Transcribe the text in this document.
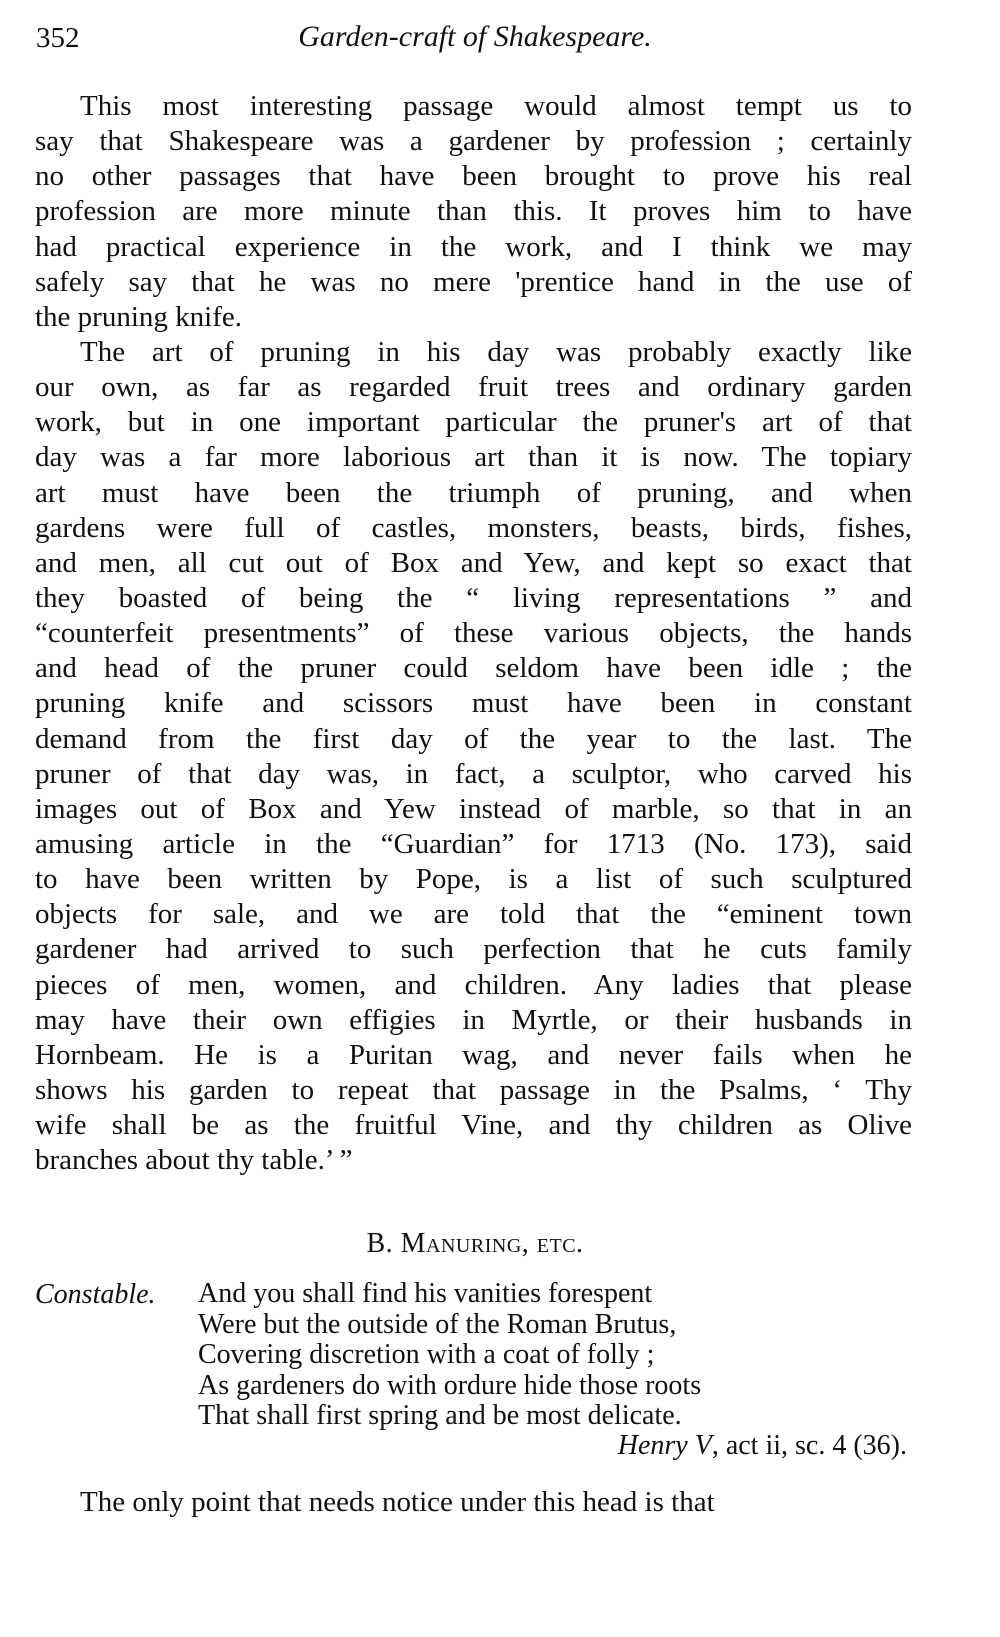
352	Garden-craft of Shakespeare.
This most interesting passage would almost tempt us to
say that Shakespeare was a gardener by profession ; certainly
no other passages that have been brought to prove his real
profession are more minute than this. It proves him to have
had practical experience in the work, and I think we may
safely say that he was no mere 'prentice hand in the use of
the pruning knife.
The art of pruning in his day was probably exactly like
our own, as far as regarded fruit trees and ordinary garden
work, but in one important particular the pruner's art of that
day was a far more laborious art than it is now. The topiary
art must have been the triumph of pruning, and when
gardens were full of castles, monsters, beasts, birds, fishes,
and men, all cut out of Box and Yew, and kept so exact that
they boasted of being the “ living representations ” and
“counterfeit presentments” of these various objects, the hands
and head of the pruner could seldom have been idle ; the
pruning knife and scissors must have been in constant
demand from the first day of the year to the last. The
pruner of that day was, in fact, a sculptor, who carved his
images out of Box and Yew instead of marble, so that in an
amusing article in the “Guardian” for 1713 (No. 173), said
to have been written by Pope, is a list of such sculptured
objects for sale, and we are told that the “eminent town
gardener had arrived to such perfection that he cuts family
pieces of men, women, and children. Any ladies that please
may have their own effigies in Myrtle, or their husbands in
Hornbeam. He is a Puritan wag, and never fails when he
shows his garden to repeat that passage in the Psalms, ‘ Thy
wife shall be as the fruitful Vine, and thy children as Olive
branches about thy table.’ ”
B. Manuring, etc.
Constable. And you shall find his vanities forespent
Were but the outside of the Roman Brutus,
Covering discretion with a coat of folly ;
As gardeners do with ordure hide those roots
That shall first spring and be most delicate.
Henry V, act ii, sc. 4 (36).
The only point that needs notice under this head is that
